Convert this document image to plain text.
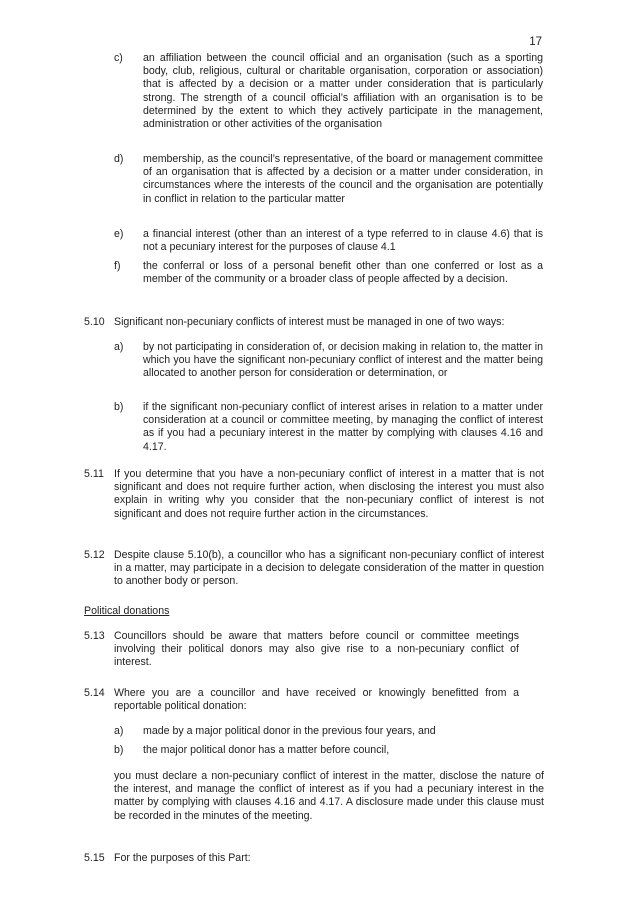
17
c) an affiliation between the council official and an organisation (such as a sporting body, club, religious, cultural or charitable organisation, corporation or association) that is affected by a decision or a matter under consideration that is particularly strong. The strength of a council official’s affiliation with an organisation is to be determined by the extent to which they actively participate in the management, administration or other activities of the organisation
d) membership, as the council’s representative, of the board or management committee of an organisation that is affected by a decision or a matter under consideration, in circumstances where the interests of the council and the organisation are potentially in conflict in relation to the particular matter
e) a financial interest (other than an interest of a type referred to in clause 4.6) that is not a pecuniary interest for the purposes of clause 4.1
f) the conferral or loss of a personal benefit other than one conferred or lost as a member of the community or a broader class of people affected by a decision.
5.10 Significant non-pecuniary conflicts of interest must be managed in one of two ways:
a) by not participating in consideration of, or decision making in relation to, the matter in which you have the significant non-pecuniary conflict of interest and the matter being allocated to another person for consideration or determination, or
b) if the significant non-pecuniary conflict of interest arises in relation to a matter under consideration at a council or committee meeting, by managing the conflict of interest as if you had a pecuniary interest in the matter by complying with clauses 4.16 and 4.17.
5.11 If you determine that you have a non-pecuniary conflict of interest in a matter that is not significant and does not require further action, when disclosing the interest you must also explain in writing why you consider that the non-pecuniary conflict of interest is not significant and does not require further action in the circumstances.
5.12 Despite clause 5.10(b), a councillor who has a significant non-pecuniary conflict of interest in a matter, may participate in a decision to delegate consideration of the matter in question to another body or person.
Political donations
5.13 Councillors should be aware that matters before council or committee meetings involving their political donors may also give rise to a non-pecuniary conflict of interest.
5.14 Where you are a councillor and have received or knowingly benefitted from a reportable political donation:
a) made by a major political donor in the previous four years, and
b) the major political donor has a matter before council,
you must declare a non-pecuniary conflict of interest in the matter, disclose the nature of the interest, and manage the conflict of interest as if you had a pecuniary interest in the matter by complying with clauses 4.16 and 4.17. A disclosure made under this clause must be recorded in the minutes of the meeting.
5.15 For the purposes of this Part:
